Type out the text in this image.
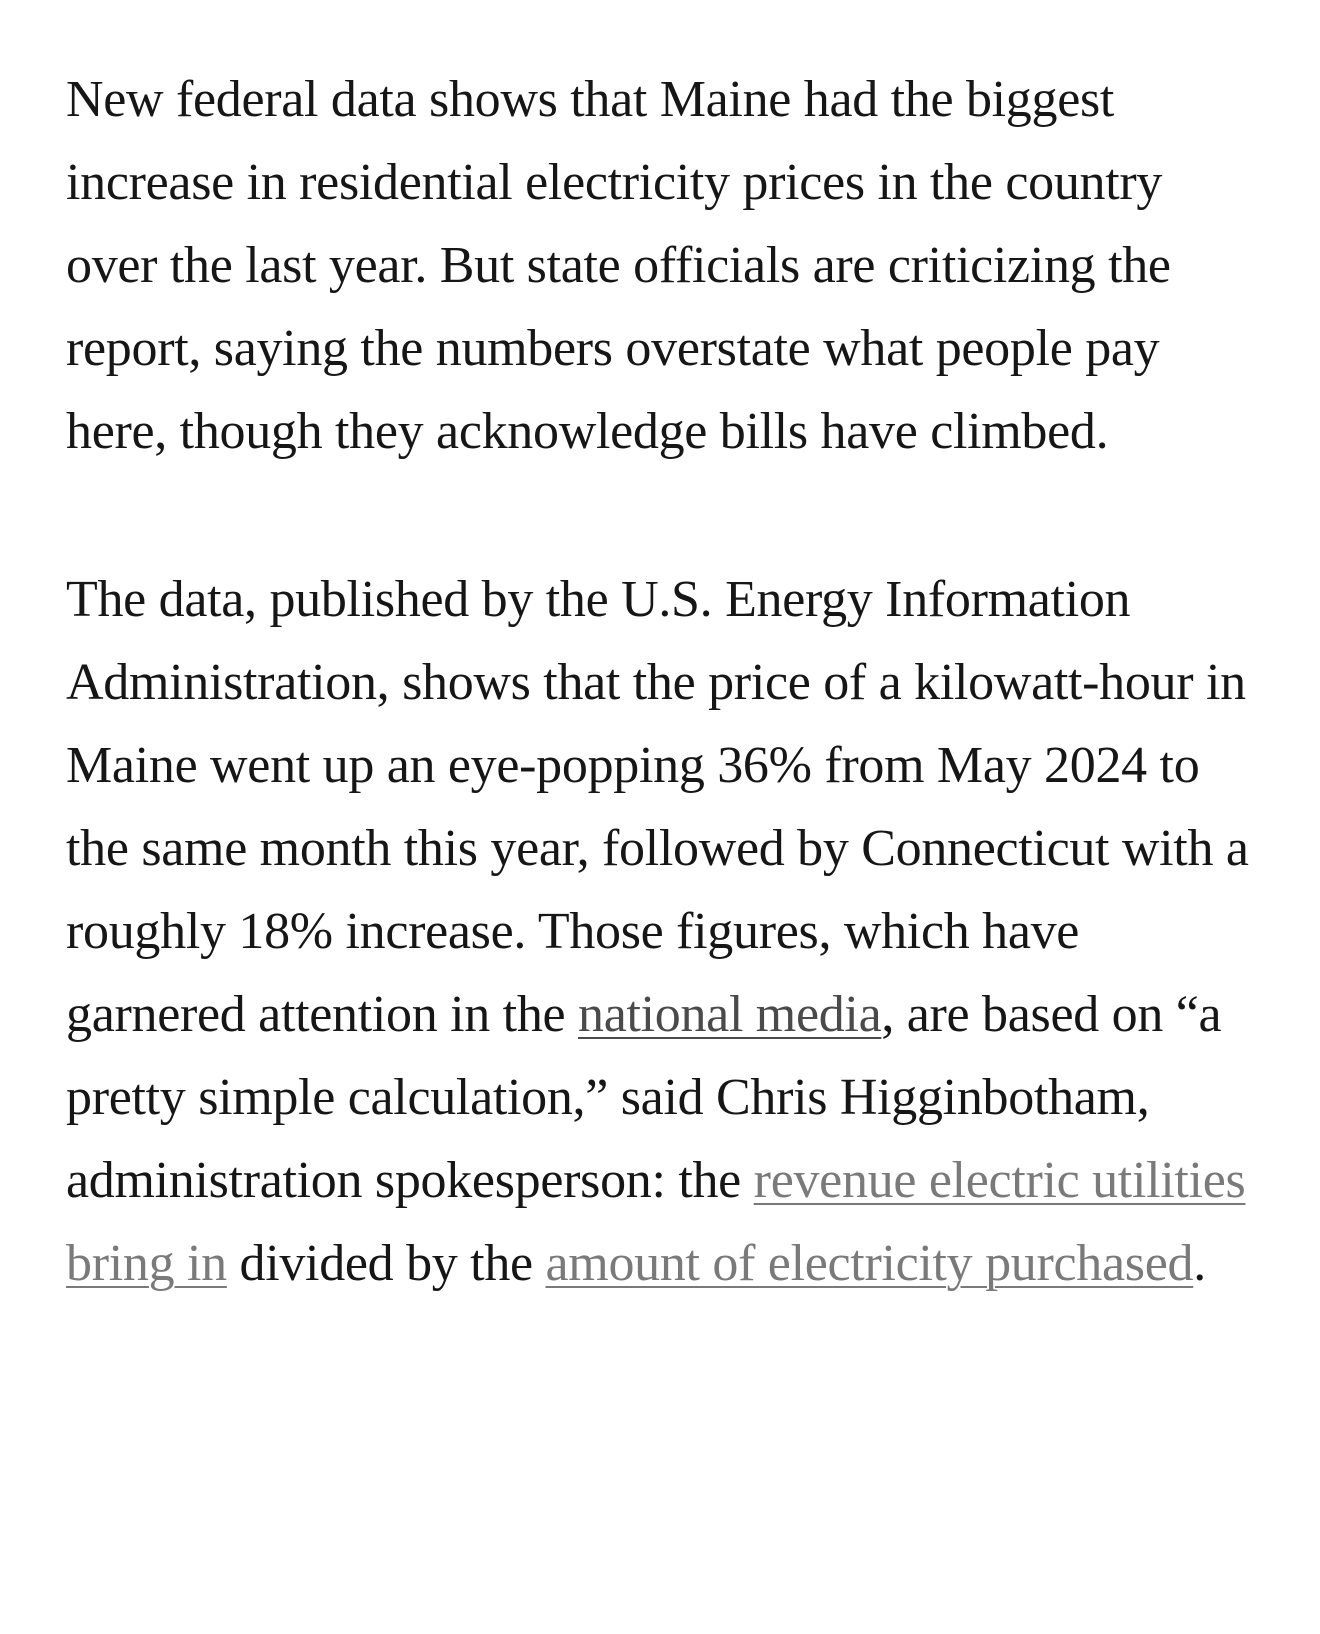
New federal data shows that Maine had the biggest increase in residential electricity prices in the country over the last year. But state officials are criticizing the report, saying the numbers overstate what people pay here, though they acknowledge bills have climbed.

The data, published by the U.S. Energy Information Administration, shows that the price of a kilowatt-hour in Maine went up an eye-popping 36% from May 2024 to the same month this year, followed by Connecticut with a roughly 18% increase. Those figures, which have garnered attention in the national media, are based on “a pretty simple calculation,” said Chris Higginbotham, administration spokesperson: the revenue electric utilities bring in divided by the amount of electricity purchased.
